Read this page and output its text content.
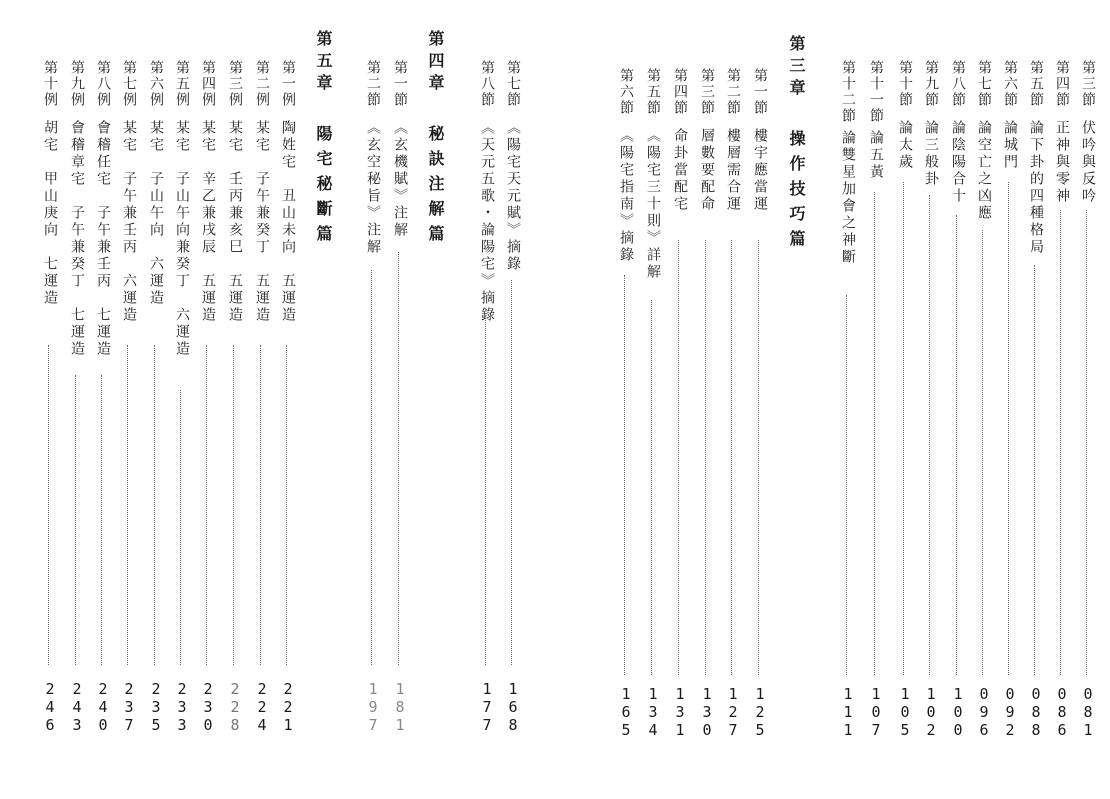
第七節
《陽宅天元賦》摘錄
168
第八節
《天元五歌・論陽宅》摘錄
177
第四章
秘訣注解篇
第一節
《玄機賦》注解
181
第二節
《玄空秘旨》注解
197
第五章
陽宅秘斷篇
第一例
陶姓宅　丑山未向　五運造
221
第二例
某宅　子午兼癸丁　五運造
224
第三例
某宅　壬丙兼亥巳　五運造
228
第四例
某宅　辛乙兼戌辰　五運造
230
第五例
某宅　子山午向兼癸丁　六運造
233
第六例
某宅　子山午向　六運造
235
第七例
某宅　子午兼壬丙　六運造
237
第八例
會稽任宅　子午兼壬丙　七運造
240
第九例
會稽章宅　子午兼癸丁　七運造
243
第十例
胡宅　甲山庚向　七運造
246
第三節
伏吟與反吟
081
第四節
正神與零神
086
第五節
論下卦的四種格局
088
第六節
論城門
092
第七節
論空亡之凶應
096
第八節
論陰陽合十
100
第九節
論三般卦
102
第十節
論太歲
105
第十一節
論五黃
107
第十二節
論雙星加會之神斷
111
第三章
操作技巧篇
第一節
樓宇應當運
125
第二節
樓層需合運
127
第三節
層數要配命
130
第四節
命卦當配宅
131
第五節
《陽宅三十則》詳解
134
第六節
《陽宅指南》摘錄
165
